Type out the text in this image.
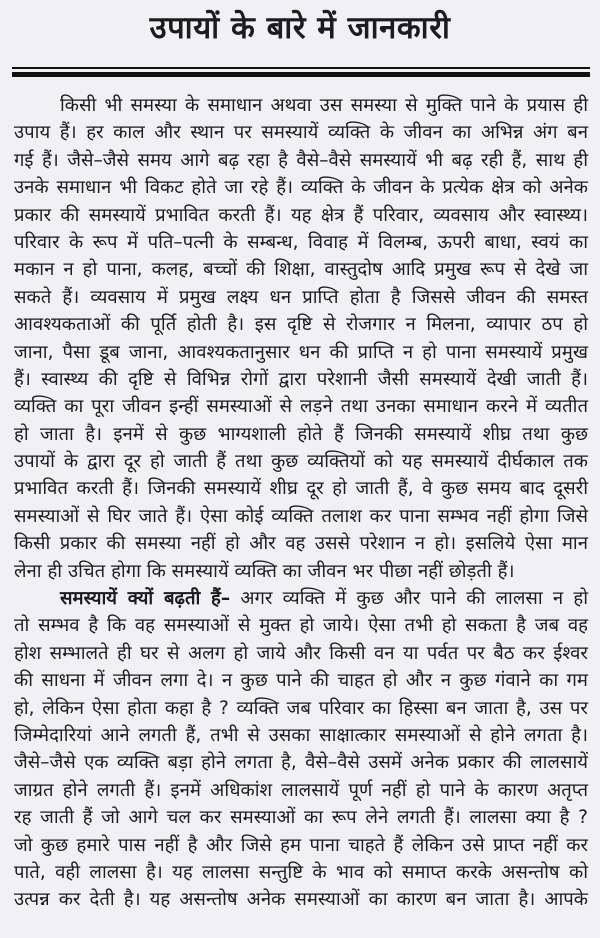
उपायों के बारे में जानकारी
किसी भी समस्या के समाधान अथवा उस समस्या से मुक्ति पाने के प्रयास ही
उपाय हैं। हर काल और स्थान पर समस्यायें व्यक्ति के जीवन का अभिन्न अंग बन
गई हैं। जैसे–जैसे समय आगे बढ़ रहा है वैसे–वैसे समस्यायें भी बढ़ रही हैं, साथ ही
उनके समाधान भी विकट होते जा रहे हैं। व्यक्ति के जीवन के प्रत्येक क्षेत्र को अनेक
प्रकार की समस्यायें प्रभावित करती हैं। यह क्षेत्र हैं परिवार, व्यवसाय और स्वास्थ्य।
परिवार के रूप में पति–पत्नी के सम्बन्ध, विवाह में विलम्ब, ऊपरी बाधा, स्वयं का
मकान न हो पाना, कलह, बच्चों की शिक्षा, वास्तुदोष आदि प्रमुख रूप से देखे जा
सकते हैं। व्यवसाय में प्रमुख लक्ष्य धन प्राप्ति होता है जिससे जीवन की समस्त
आवश्यकताओं की पूर्ति होती है। इस दृष्टि से रोजगार न मिलना, व्यापार ठप हो
जाना, पैसा डूब जाना, आवश्यकतानुसार धन की प्राप्ति न हो पाना समस्यायें प्रमुख
हैं। स्वास्थ्य की दृष्टि से विभिन्न रोगों द्वारा परेशानी जैसी समस्यायें देखी जाती हैं।
व्यक्ति का पूरा जीवन इन्हीं समस्याओं से लड़ने तथा उनका समाधान करने में व्यतीत
हो जाता है। इनमें से कुछ भाग्यशाली होते हैं जिनकी समस्यायें शीघ्र तथा कुछ
उपायों के द्वारा दूर हो जाती हैं तथा कुछ व्यक्तियों को यह समस्यायें दीर्घकाल तक
प्रभावित करती हैं। जिनकी समस्यायें शीघ्र दूर हो जाती हैं, वे कुछ समय बाद दूसरी
समस्याओं से घिर जाते हैं। ऐसा कोई व्यक्ति तलाश कर पाना सम्भव नहीं होगा जिसे
किसी प्रकार की समस्या नहीं हो और वह उससे परेशान न हो। इसलिये ऐसा मान
लेना ही उचित होगा कि समस्यायें व्यक्ति का जीवन भर पीछा नहीं छोड़ती हैं।
समस्यायें क्यों बढ़ती हैं– अगर व्यक्ति में कुछ और पाने की लालसा न हो
तो सम्भव है कि वह समस्याओं से मुक्त हो जाये। ऐसा तभी हो सकता है जब वह
होश सम्भालते ही घर से अलग हो जाये और किसी वन या पर्वत पर बैठ कर ईश्वर
की साधना में जीवन लगा दे। न कुछ पाने की चाहत हो और न कुछ गंवाने का गम
हो, लेकिन ऐसा होता कहा है ? व्यक्ति जब परिवार का हिस्सा बन जाता है, उस पर
जिम्मेदारियां आने लगती हैं, तभी से उसका साक्षात्कार समस्याओं से होने लगता है।
जैसे–जैसे एक व्यक्ति बड़ा होने लगता है, वैसे–वैसे उसमें अनेक प्रकार की लालसायें
जाग्रत होने लगती हैं। इनमें अधिकांश लालसायें पूर्ण नहीं हो पाने के कारण अतृप्त
रह जाती हैं जो आगे चल कर समस्याओं का रूप लेने लगती हैं। लालसा क्या है ?
जो कुछ हमारे पास नहीं है और जिसे हम पाना चाहते हैं लेकिन उसे प्राप्त नहीं कर
पाते, वही लालसा है। यह लालसा सन्तुष्टि के भाव को समाप्त करके असन्तोष को
उत्पन्न कर देती है। यह असन्तोष अनेक समस्याओं का कारण बन जाता है। आपके
